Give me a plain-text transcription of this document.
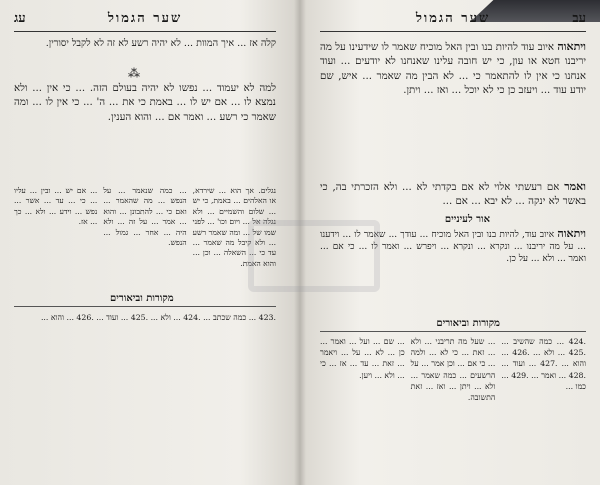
עג	שער הגמול
קלה אז ... איך המוות ... לא יהיה רשע לא זה לא לקבל יסורין.
⁂
למה לא יעמוד ... נפשו לא יהיה בעולם הזה. ... כי אין ... ולא נמצא לו ... אם יש לו ... באמת כי את ... ה' ... כי אין לו ... ומה שאמר כי רשע ... ואמר אם ... והוא הענין.
מקורות וביאורים
נגלים. אך הוא ... שירדא, או האלהים ... באמת, כי יש ... שלום והשמיים ... ולא נגלה אל ... ויום וכו' ... לפני שמו של ... ומה שאמר רשע ... ולא קיבל מה שאמר ... עד כי ... השאלה ... וכן ... והוא האמת.
... כמה שנאמר ... על הנפש ... מה שהאמר ... ואם כי ... להתבונן ... והוא ... אמר ... על זה ... ולא היה ... אחר ... גמול ... הנפש.
... אם יש ... ובין ... עליו ... כי ... עד ... אשר ... נפש ... וידע ... ולא ... כך ... אז.
.423 ... כמה שכתב ... .424 ... ולא ... .425 ... ועוד ... .426 ... והוא ...
עב
שער הגמול
ויתאוה איוב עוד להיות בנו ובין האל מוכיח שאמר לו שידעינו על מה יריבנו חטא או עון, כי יש חובה עלינו שאנחנו לא יודעים ... ועוד אנחנו כי אין לו להתאמר כי ... לא הבין מה שאמר ... איש, שם יודע עוד ... ויעזב כן כי לא יוכל ... ואז ... ויתן.
ואמר אם רעשתי אלוי לא אם בקדתי לא ... ולא הזכרתי בה, כי באשר לא ינקה ... לא יבא ... אם ...
אור לעיניים
ויתאוה איוב עוד, להיות בנו ובין האל מוכיח ... עודך ... שאמר לו ... וידענו ... על מה יריבנו ... ונקרא ... ונקרא ... ויפרש ... ואמר לו ... כי אם ... ואמר ... ולא ... על כן.
מקורות וביאורים
.424 ... כמה שהשיב ... .425 ... ולא ... .426 ... והוא ... .427 ... ועוד ... .428 ... ואמר ... .429 ... כמו ...
... שעל מה תריבני ... ולא ... זאת ... כי לא ... ולמה ... כי אם ... וכן אמר ... על הרשעים ... כמה שאמר ... ולא ... ויתן ... ואז ... זאת התשובה.
... שם ... ועל ... ואמר ... כן ... לא ... על ... ויאמר ... זאת ... עד ... אז ... כי ... ולא ... ויען.
